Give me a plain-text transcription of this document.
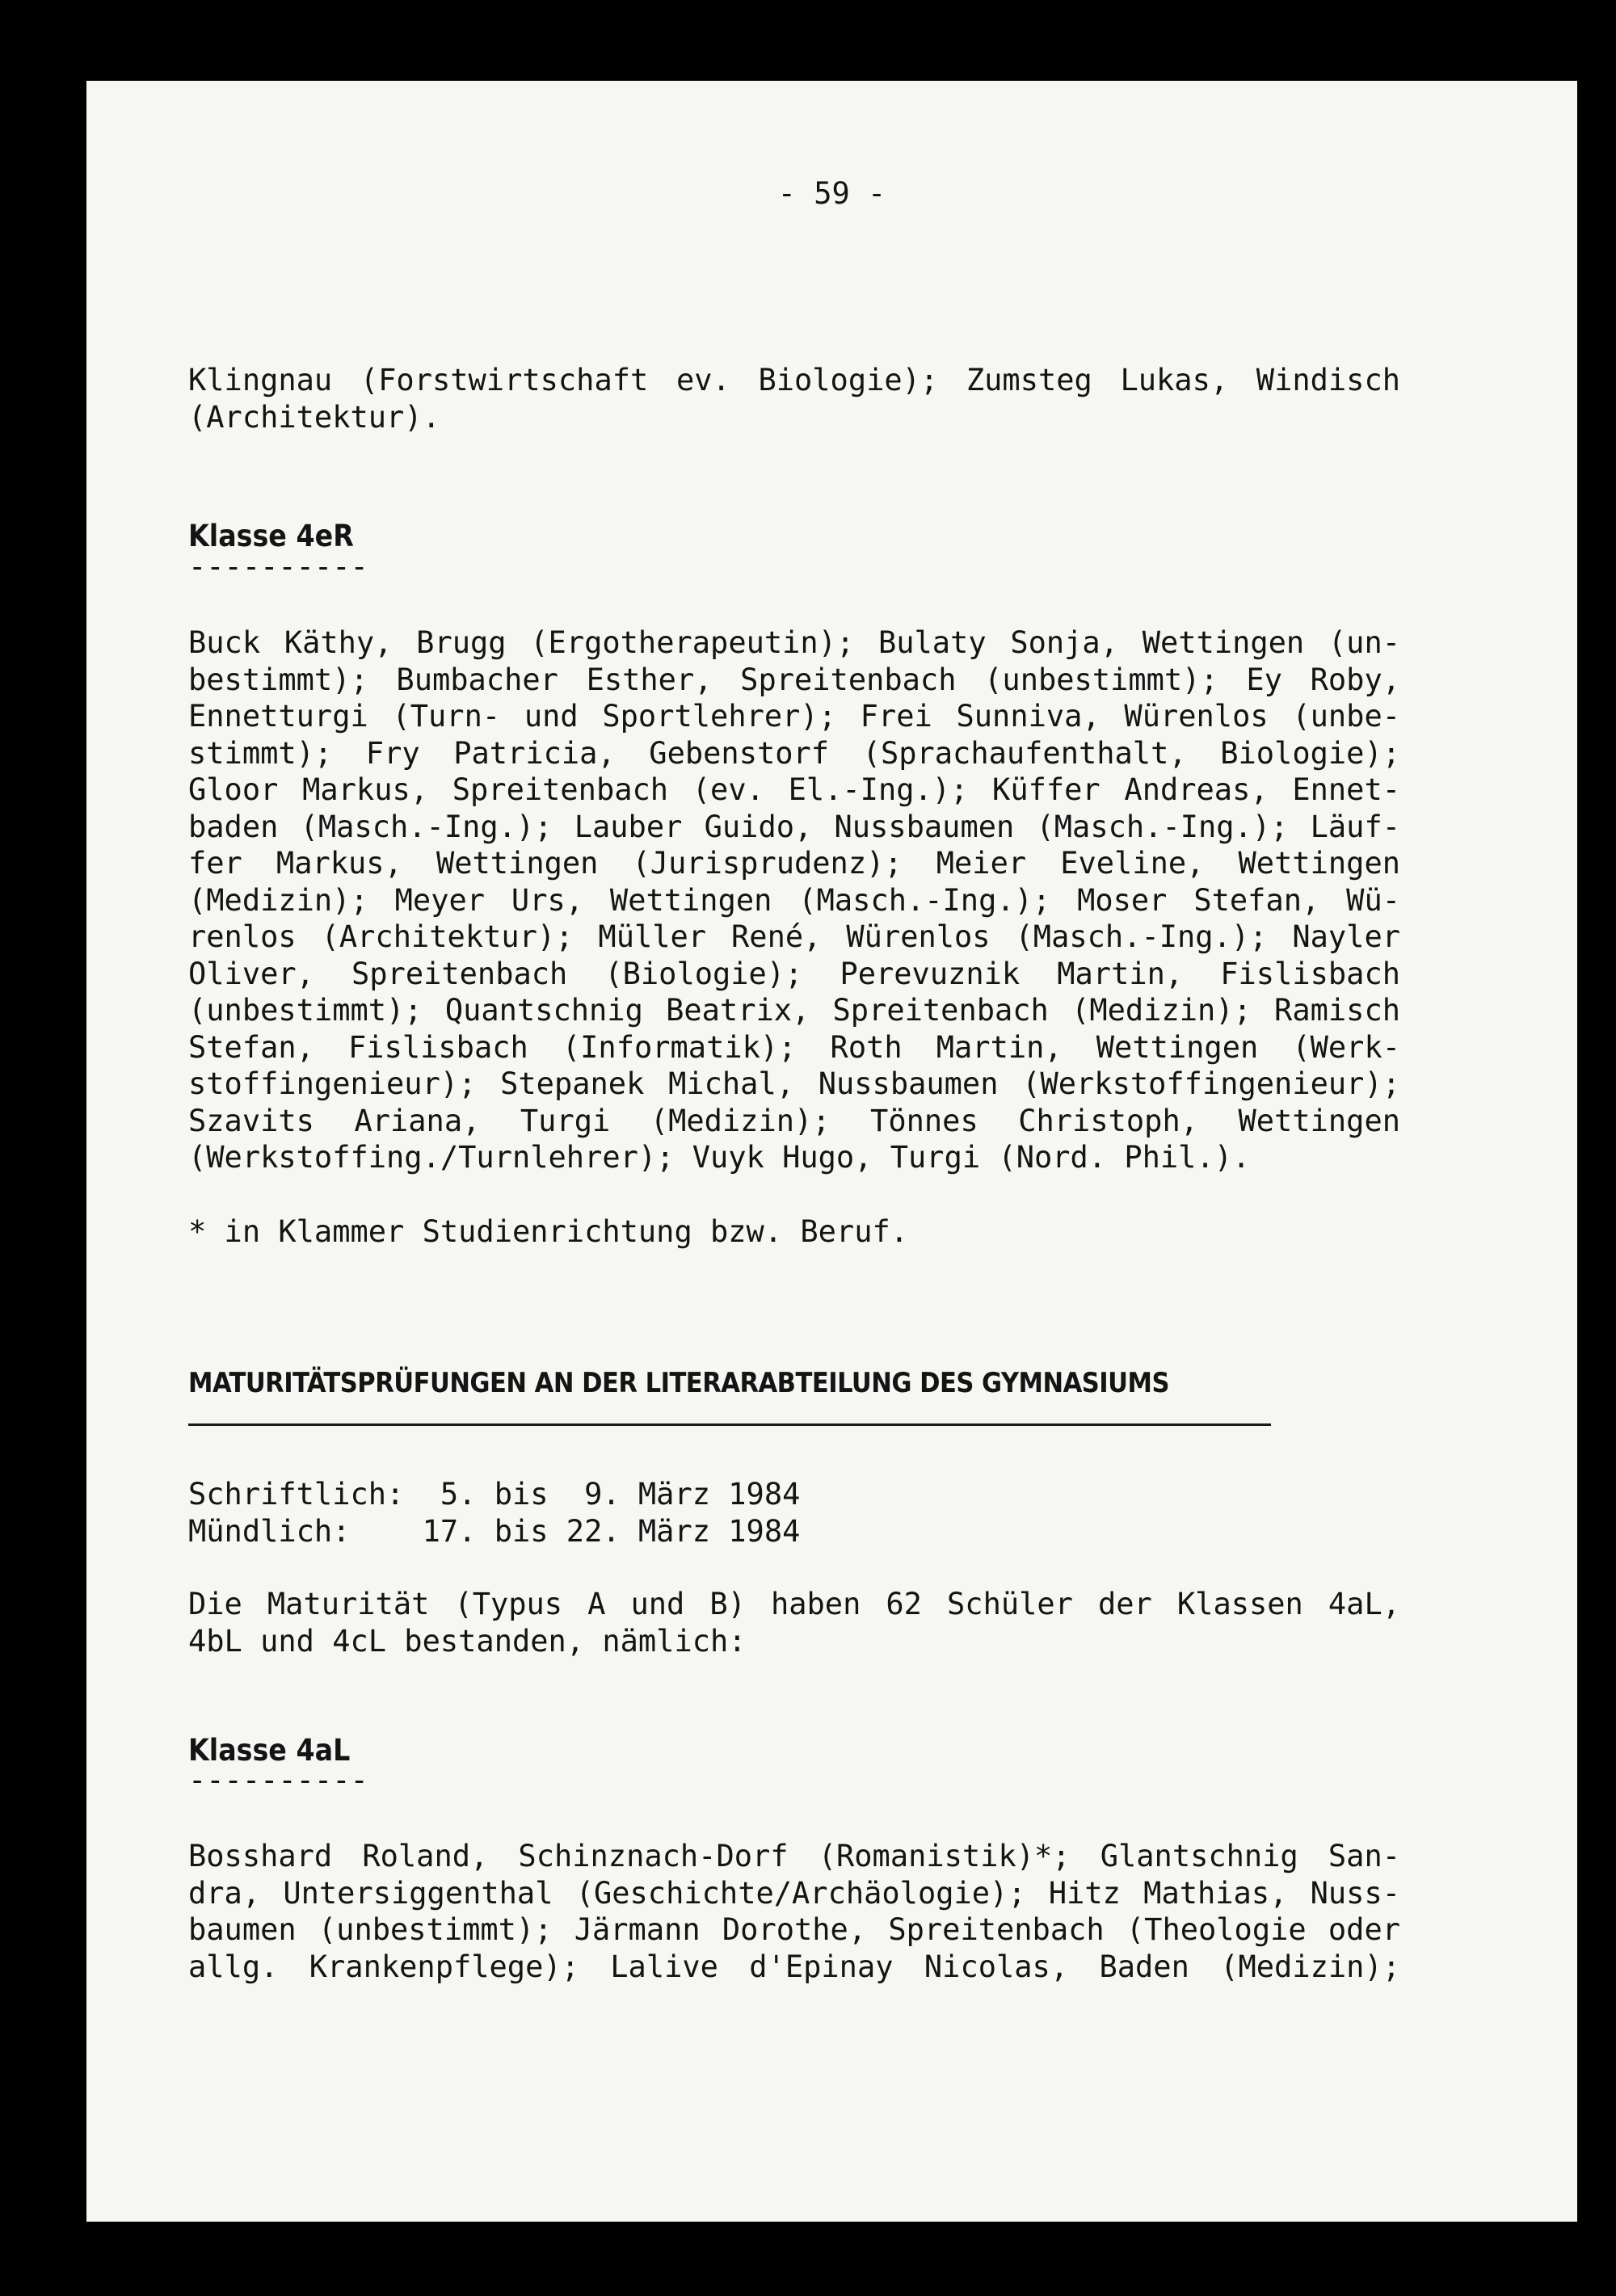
- 59 -
Klingnau (Forstwirtschaft ev. Biologie); Zumsteg Lukas, Windisch
(Architektur).
Klasse 4eR
----------
Buck Käthy, Brugg (Ergotherapeutin); Bulaty Sonja, Wettingen (un-
bestimmt); Bumbacher Esther, Spreitenbach (unbestimmt); Ey Roby,
Ennetturgi (Turn- und Sportlehrer); Frei Sunniva, Würenlos (unbe-
stimmt); Fry Patricia, Gebenstorf (Sprachaufenthalt, Biologie);
Gloor Markus, Spreitenbach (ev. El.-Ing.); Küffer Andreas, Ennet-
baden (Masch.-Ing.); Lauber Guido, Nussbaumen (Masch.-Ing.); Läuf-
fer Markus, Wettingen (Jurisprudenz); Meier Eveline, Wettingen
(Medizin); Meyer Urs, Wettingen (Masch.-Ing.); Moser Stefan, Wü-
renlos (Architektur); Müller René, Würenlos (Masch.-Ing.); Nayler
Oliver, Spreitenbach (Biologie); Perevuznik Martin, Fislisbach
(unbestimmt); Quantschnig Beatrix, Spreitenbach (Medizin); Ramisch
Stefan, Fislisbach (Informatik); Roth Martin, Wettingen (Werk-
stoffingenieur); Stepanek Michal, Nussbaumen (Werkstoffingenieur);
Szavits Ariana, Turgi (Medizin); Tönnes Christoph, Wettingen
(Werkstoffing./Turnlehrer); Vuyk Hugo, Turgi (Nord. Phil.).
* in Klammer Studienrichtung bzw. Beruf.
MATURITÄTSPRÜFUNGEN AN DER LITERARABTEILUNG DES GYMNASIUMS
Schriftlich:  5. bis  9. März 1984
Mündlich:    17. bis 22. März 1984
Die Maturität (Typus A und B) haben 62 Schüler der Klassen 4aL,
4bL und 4cL bestanden, nämlich:
Klasse 4aL
----------
Bosshard Roland, Schinznach-Dorf (Romanistik)*; Glantschnig San-
dra, Untersiggenthal (Geschichte/Archäologie); Hitz Mathias, Nuss-
baumen (unbestimmt); Järmann Dorothe, Spreitenbach (Theologie oder
allg. Krankenpflege); Lalive d'Epinay Nicolas, Baden (Medizin);
